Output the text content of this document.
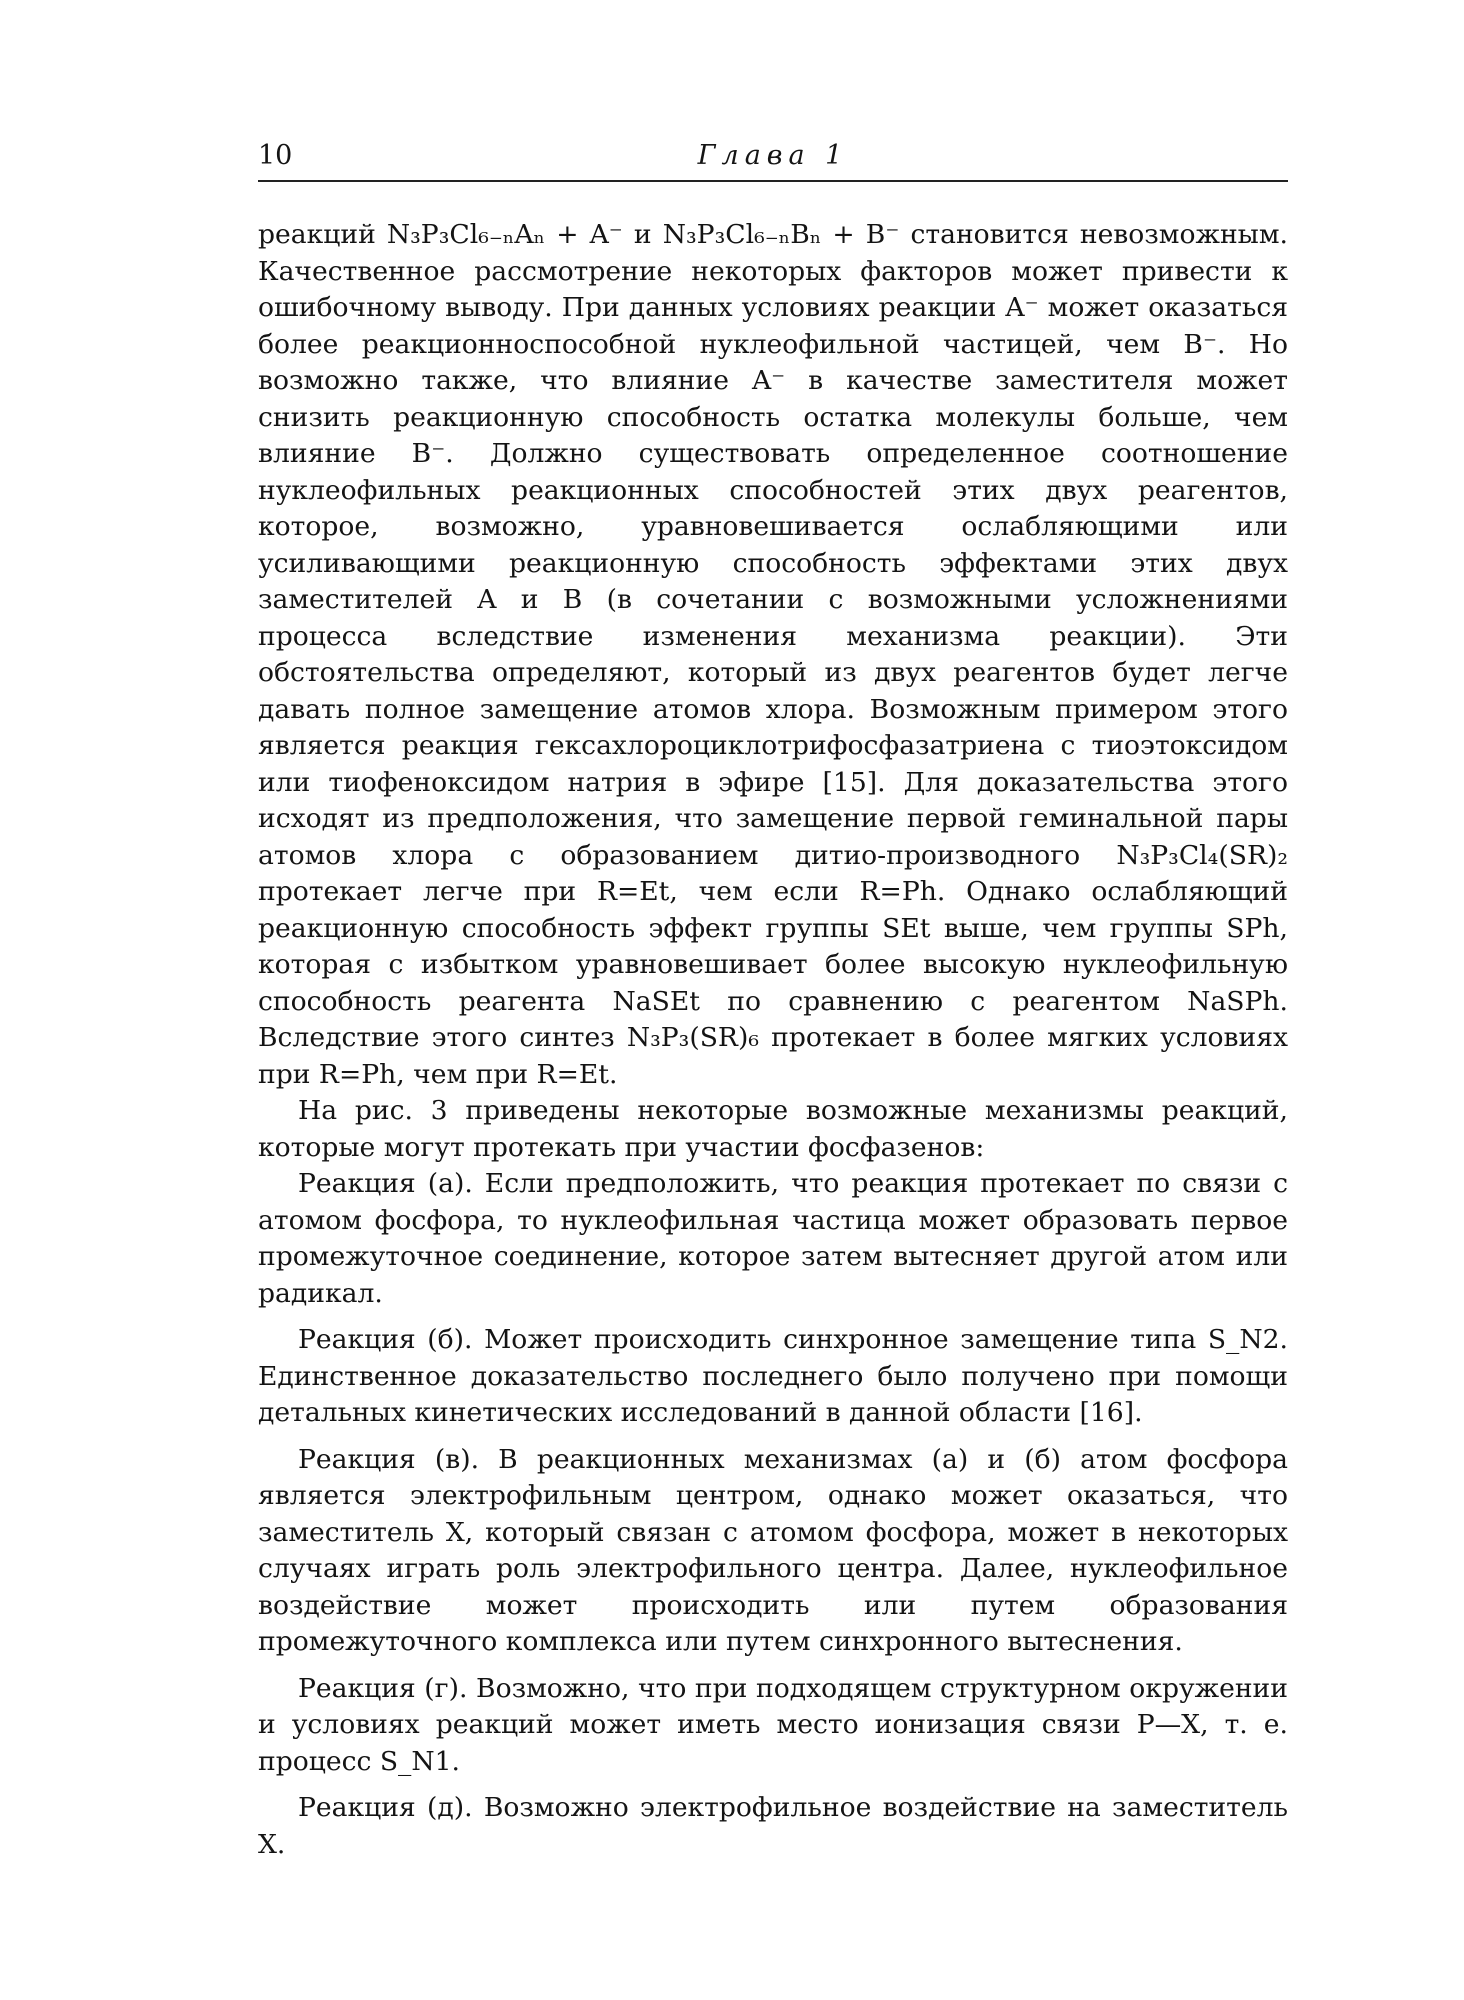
10	Глава 1

реакций N₃P₃Cl₆₋ₙAₙ + A⁻ и N₃P₃Cl₆₋ₙBₙ + B⁻ становится невозможным. Качественное рассмотрение некоторых факторов может привести к ошибочному выводу. При данных условиях реакции A⁻ может оказаться более реакционноспособной нуклеофильной частицей, чем B⁻. Но возможно также, что влияние A⁻ в качестве заместителя может снизить реакционную способность остатка молекулы больше, чем влияние B⁻. Должно существовать определенное соотношение нуклеофильных реакционных способностей этих двух реагентов, которое, возможно, уравновешивается ослабляющими или усиливающими реакционную способность эффектами этих двух заместителей A и B (в сочетании с возможными усложнениями процесса вследствие изменения механизма реакции). Эти обстоятельства определяют, который из двух реагентов будет легче давать полное замещение атомов хлора. Возможным примером этого является реакция гексахлороциклотрифосфазатриена с тиоэтоксидом или тиофеноксидом натрия в эфире [15]. Для доказательства этого исходят из предположения, что замещение первой геминальной пары атомов хлора с образованием дитио-производного N₃P₃Cl₄(SR)₂ протекает легче при R=Et, чем если R=Ph. Однако ослабляющий реакционную способность эффект группы SEt выше, чем группы SPh, которая с избытком уравновешивает более высокую нуклеофильную способность реагента NaSEt по сравнению с реагентом NaSPh. Вследствие этого синтез N₃P₃(SR)₆ протекает в более мягких условиях при R=Ph, чем при R=Et.

На рис. 3 приведены некоторые возможные механизмы реакций, которые могут протекать при участии фосфазенов:

Реакция (а). Если предположить, что реакция протекает по связи с атомом фосфора, то нуклеофильная частица может образовать первое промежуточное соединение, которое затем вытесняет другой атом или радикал.

Реакция (б). Может происходить синхронное замещение типа S_N2. Единственное доказательство последнего было получено при помощи детальных кинетических исследований в данной области [16].

Реакция (в). В реакционных механизмах (а) и (б) атом фосфора является электрофильным центром, однако может оказаться, что заместитель X, который связан с атомом фосфора, может в некоторых случаях играть роль электрофильного центра. Далее, нуклеофильное воздействие может происходить или путем образования промежуточного комплекса или путем синхронного вытеснения.

Реакция (г). Возможно, что при подходящем структурном окружении и условиях реакций может иметь место ионизация связи P—X, т. е. процесс S_N1.

Реакция (д). Возможно электрофильное воздействие на заместитель X.
